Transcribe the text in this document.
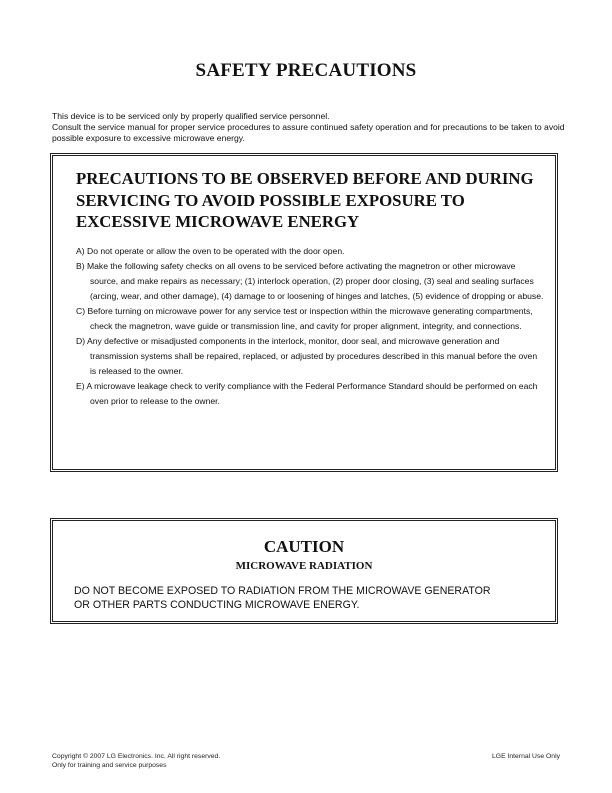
SAFETY PRECAUTIONS

This device is to be serviced only by properly qualified service personnel.

Consult the service manual for proper service procedures to assure continued safety operation and for precautions to be taken to avoid possible exposure to excessive microwave energy.

PRECAUTIONS TO BE OBSERVED BEFORE AND DURING SERVICING TO AVOID POSSIBLE EXPOSURE TO EXCESSIVE MICROWAVE ENERGY

A) Do not operate or allow the oven to be operated with the door open.

B) Make the following safety checks on all ovens to be serviced before activating the magnetron or other microwave source, and make repairs as necessary; (1) interlock operation, (2) proper door closing, (3) seal and sealing surfaces (arcing, wear, and other damage), (4) damage to or loosening of hinges and latches, (5) evidence of dropping or abuse.

C) Before turning on microwave power for any service test or inspection within the microwave generating compartments, check the magnetron, wave guide or transmission line, and cavity for proper alignment, integrity, and connections.

D) Any defective or misadjusted components in the interlock, monitor, door seal, and microwave generation and transmission systems shall be repaired, replaced, or adjusted by procedures described in this manual before the oven is released to the owner.

E) A microwave leakage check to verify compliance with the Federal Performance Standard should be performed on each oven prior to release to the owner.

CAUTION
MICROWAVE RADIATION

DO NOT BECOME EXPOSED TO RADIATION FROM THE MICROWAVE GENERATOR

OR OTHER PARTS CONDUCTING MICROWAVE ENERGY.

Copyright © 2007 LG Electronics. Inc. All right reserved.

Only for training and service purposes

LGE Internal Use Only
